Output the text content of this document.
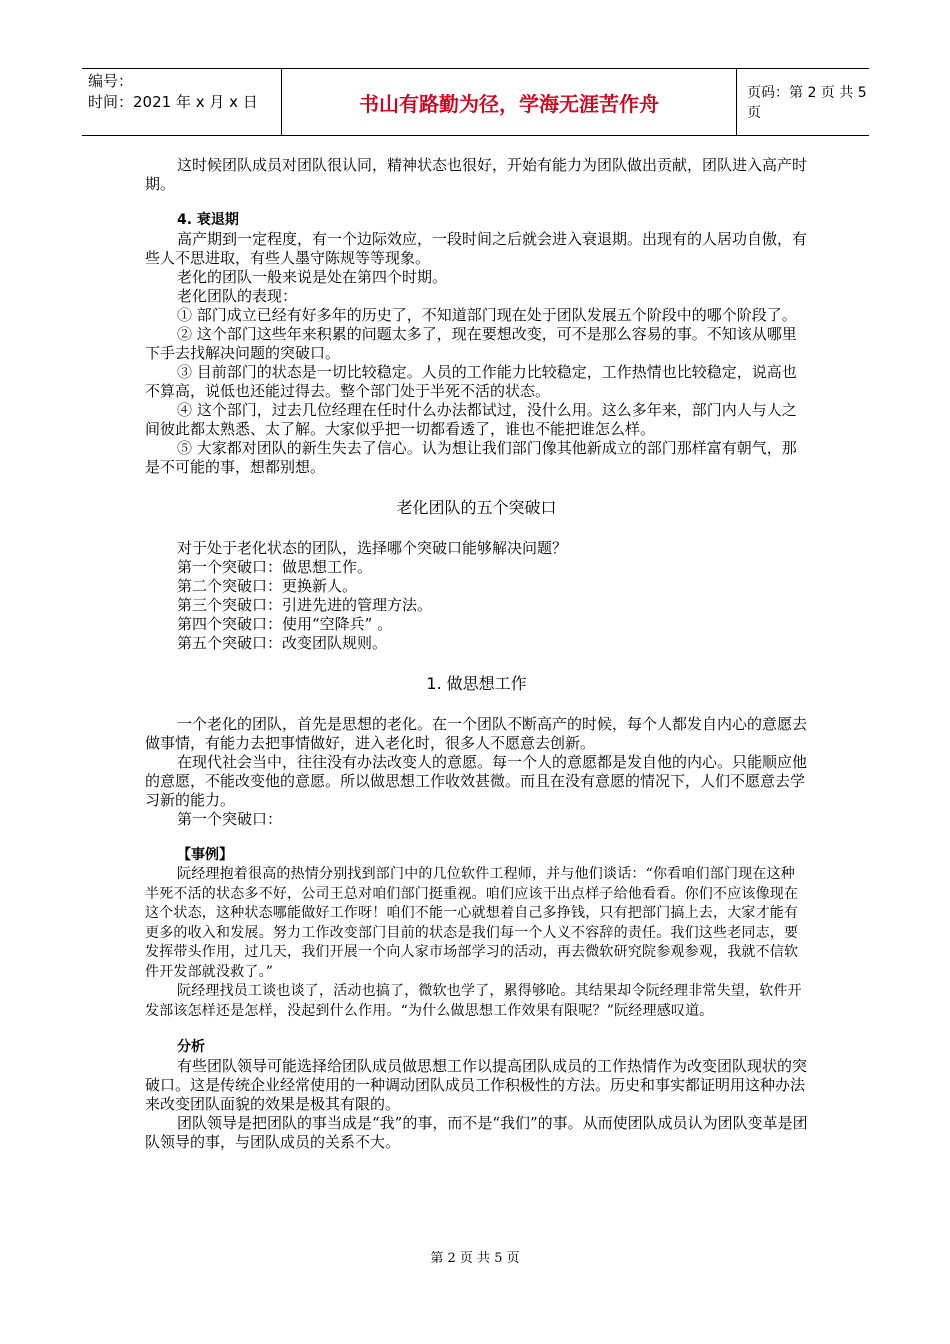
编号：
时间：2021 年 x 月 x 日	书山有路勤为径，学海无涯苦作舟	页码：第 2 页 共 5 页

这时候团队成员对团队很认同，精神状态也很好，开始有能力为团队做出贡献，团队进入高产时期。

4. 衰退期

高产期到一定程度，有一个边际效应，一段时间之后就会进入衰退期。出现有的人居功自傲，有些人不思进取，有些人墨守陈规等等现象。

老化的团队一般来说是处在第四个时期。

老化团队的表现：

① 部门成立已经有好多年的历史了，不知道部门现在处于团队发展五个阶段中的哪个阶段了。

② 这个部门这些年来积累的问题太多了，现在要想改变，可不是那么容易的事。不知该从哪里下手去找解决问题的突破口。

③ 目前部门的状态是一切比较稳定。人员的工作能力比较稳定，工作热情也比较稳定，说高也不算高，说低也还能过得去。整个部门处于半死不活的状态。

④ 这个部门，过去几位经理在任时什么办法都试过，没什么用。这么多年来，部门内人与人之间彼此都太熟悉、太了解。大家似乎把一切都看透了，谁也不能把谁怎么样。

⑤ 大家都对团队的新生失去了信心。认为想让我们部门像其他新成立的部门那样富有朝气，那是不可能的事，想都别想。

老化团队的五个突破口

对于处于老化状态的团队，选择哪个突破口能够解决问题？

第一个突破口：做思想工作。

第二个突破口：更换新人。

第三个突破口：引进先进的管理方法。

第四个突破口：使用“空降兵” 。

第五个突破口：改变团队规则。

1. 做思想工作

一个老化的团队，首先是思想的老化。在一个团队不断高产的时候，每个人都发自内心的意愿去做事情，有能力去把事情做好，进入老化时，很多人不愿意去创新。

在现代社会当中，往往没有办法改变人的意愿。每一个人的意愿都是发自他的内心。只能顺应他的意愿，不能改变他的意愿。所以做思想工作收效甚微。而且在没有意愿的情况下，人们不愿意去学习新的能力。

第一个突破口：

【事例】

阮经理抱着很高的热情分别找到部门中的几位软件工程师，并与他们谈话：“你看咱们部门现在这种半死不活的状态多不好，公司王总对咱们部门挺重视。咱们应该干出点样子给他看看。你们不应该像现在这个状态，这种状态哪能做好工作呀！咱们不能一心就想着自己多挣钱，只有把部门搞上去，大家才能有更多的收入和发展。努力工作改变部门目前的状态是我们每一个人义不容辞的责任。我们这些老同志，要发挥带头作用，过几天，我们开展一个向人家市场部学习的活动，再去微软研究院参观参观，我就不信软件开发部就没救了。”

阮经理找员工谈也谈了，活动也搞了，微软也学了，累得够呛。其结果却令阮经理非常失望，软件开发部该怎样还是怎样，没起到什么作用。“为什么做思想工作效果有限呢？”阮经理感叹道。

分析

有些团队领导可能选择给团队成员做思想工作以提高团队成员的工作热情作为改变团队现状的突破口。这是传统企业经常使用的一种调动团队成员工作积极性的方法。历史和事实都证明用这种办法来改变团队面貌的效果是极其有限的。

团队领导是把团队的事当成是“我”的事，而不是“我们”的事。从而使团队成员认为团队变革是团队领导的事，与团队成员的关系不大。

第 2 页 共 5 页
